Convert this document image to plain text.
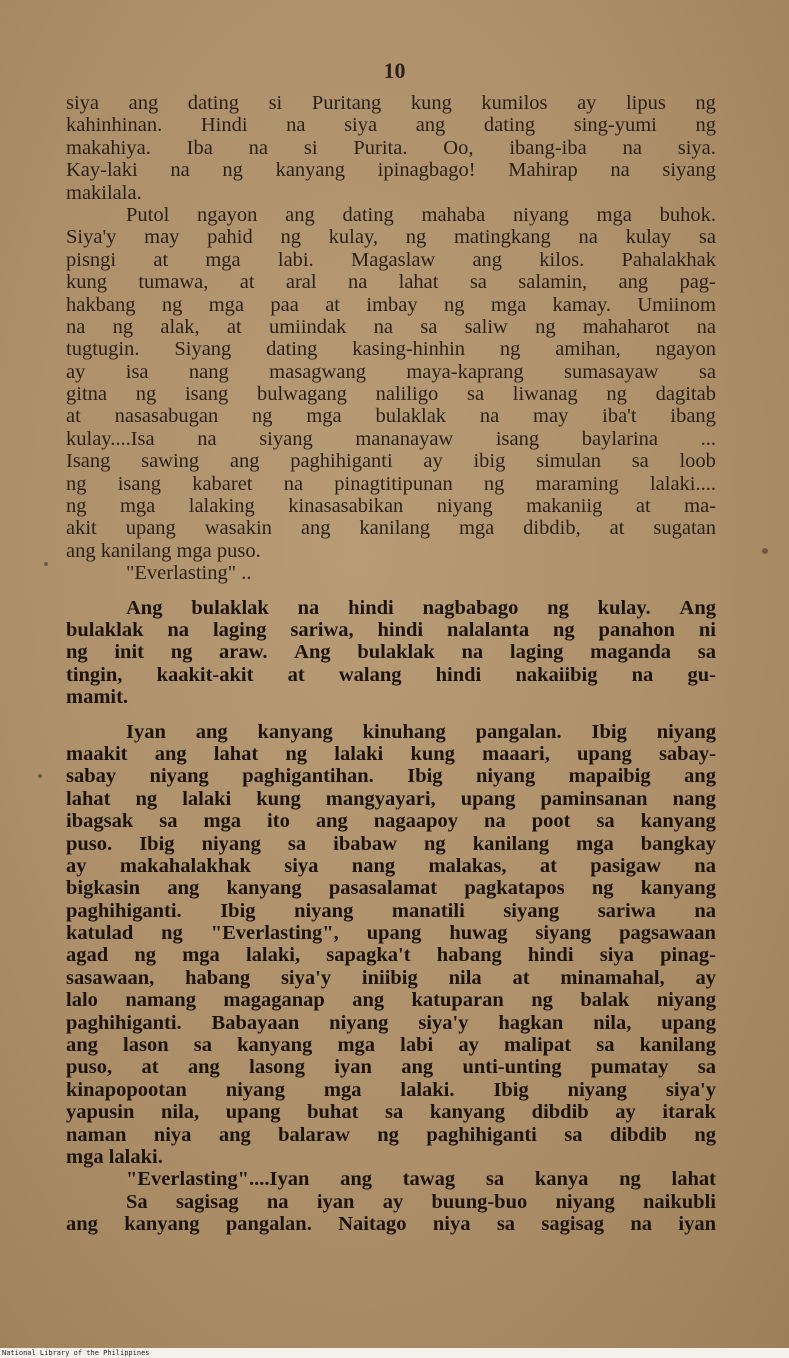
10
siya ang dating si Puritang kung kumilos ay lipus ng
kahinhinan. Hindi na siya ang dating sing-yumi ng
makahiya. Iba na si Purita. Oo, ibang-iba na siya.
Kay-laki na ng kanyang ipinagbago! Mahirap na siyang
makilala.
Putol ngayon ang dating mahaba niyang mga buhok.
Siya'y may pahid ng kulay, ng matingkang na kulay sa
pisngi at mga labi. Magaslaw ang kilos. Pahalakhak
kung tumawa, at aral na lahat sa salamin, ang pag-
hakbang ng mga paa at imbay ng mga kamay. Umiinom
na ng alak, at umiindak na sa saliw ng mahaharot na
tugtugin. Siyang dating kasing-hinhin ng amihan, ngayon
ay isa nang masagwang maya-kaprang sumasayaw sa
gitna ng isang bulwagang naliligo sa liwanag ng dagitab
at nasasabugan ng mga bulaklak na may iba't ibang
kulay....Isa na siyang mananayaw isang baylarina ...
Isang sawing ang paghihiganti ay ibig simulan sa loob
ng isang kabaret na pinagtitipunan ng maraming lalaki....
ng mga lalaking kinasasabikan niyang makaniig at ma-
akit upang wasakin ang kanilang mga dibdib, at sugatan
ang kanilang mga puso.
"Everlasting" ..
Ang bulaklak na hindi nagbabago ng kulay. Ang
bulaklak na laging sariwa, hindi nalalanta ng panahon ni
ng init ng araw. Ang bulaklak na laging maganda sa
tingin, kaakit-akit at walang hindi nakaiibig na gu-
mamit.
Iyan ang kanyang kinuhang pangalan. Ibig niyang
maakit ang lahat ng lalaki kung maaari, upang sabay-
sabay niyang paghigantihan. Ibig niyang mapaibig ang
lahat ng lalaki kung mangyayari, upang paminsanan nang
ibagsak sa mga ito ang nagaapoy na poot sa kanyang
puso. Ibig niyang sa ibabaw ng kanilang mga bangkay
ay makahalakhak siya nang malakas, at pasigaw na
bigkasin ang kanyang pasasalamat pagkatapos ng kanyang
paghihiganti. Ibig niyang manatili siyang sariwa na
katulad ng "Everlasting", upang huwag siyang pagsawaan
agad ng mga lalaki, sapagka't habang hindi siya pinag-
sasawaan, habang siya'y iniibig nila at minamahal, ay
lalo namang magaganap ang katuparan ng balak niyang
paghihiganti. Babayaan niyang siya'y hagkan nila, upang
ang lason sa kanyang mga labi ay malipat sa kanilang
puso, at ang lasong iyan ang unti-unting pumatay sa
kinapopootan niyang mga lalaki. Ibig niyang siya'y
yapusin nila, upang buhat sa kanyang dibdib ay itarak
naman niya ang balaraw ng paghihiganti sa dibdib ng
mga lalaki.
"Everlasting"....Iyan ang tawag sa kanya ng lahat
Sa sagisag na iyan ay buung-buo niyang naikubli
ang kanyang pangalan. Naitago niya sa sagisag na iyan
National Library of the Philippines
